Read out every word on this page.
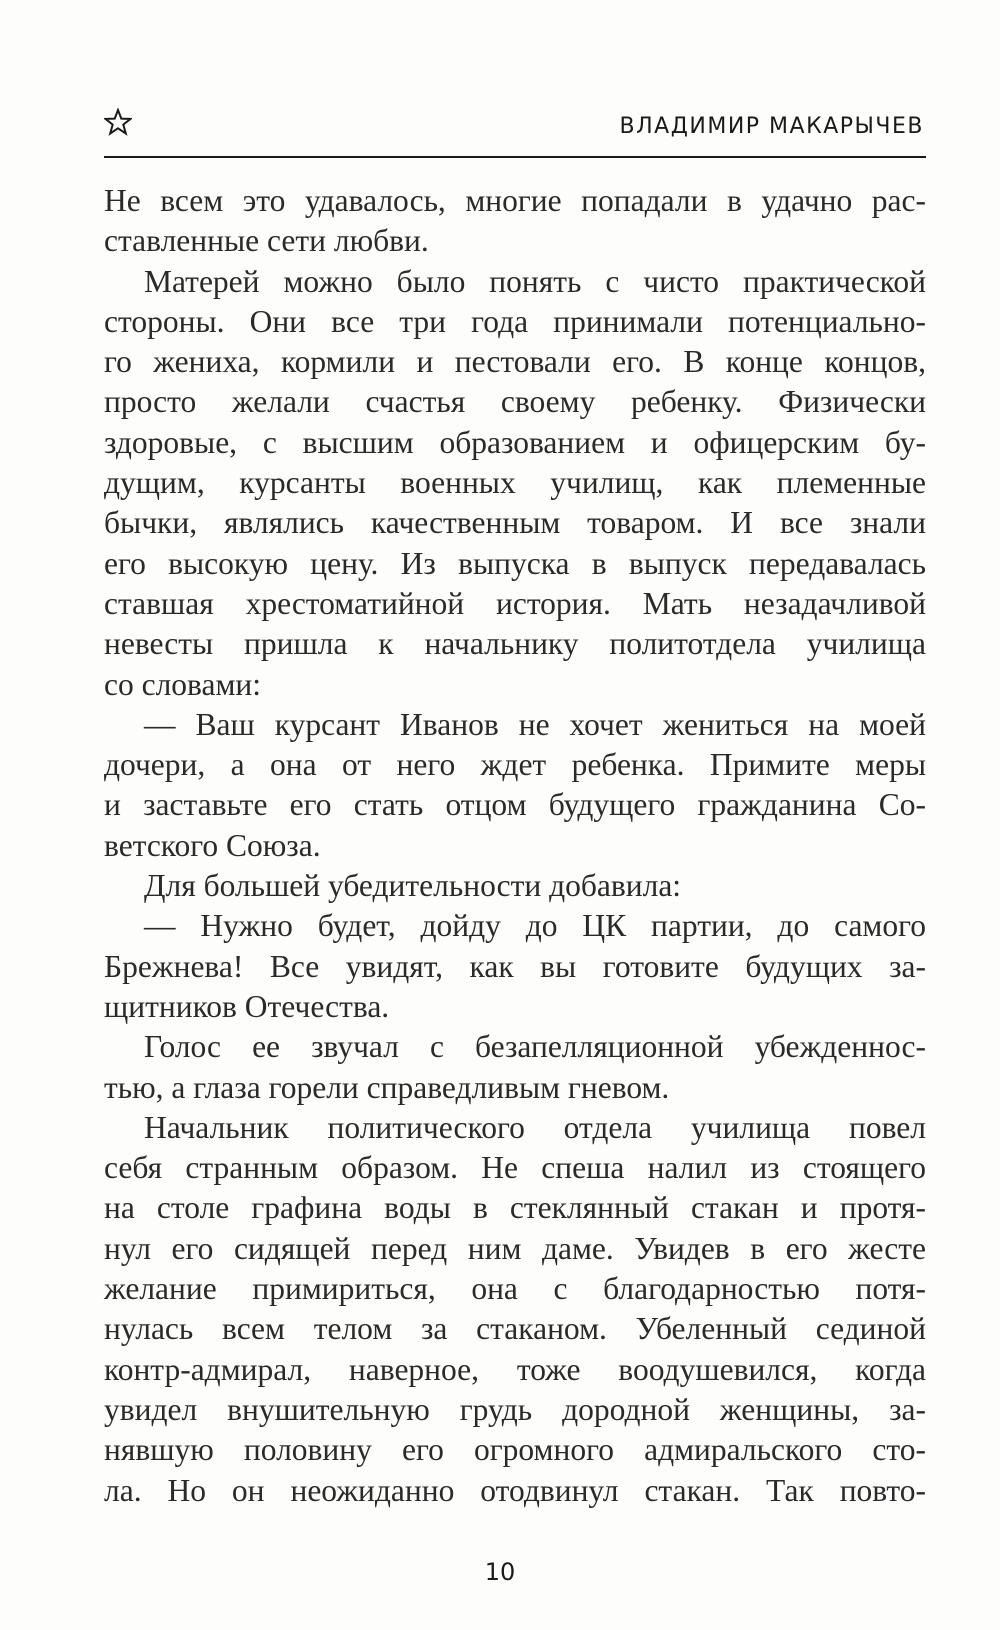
ВЛАДИМИР МАКАРЫЧЕВ
Не всем это удавалось, многие попадали в удачно рас-
ставленные сети любви.
Матерей можно было понять с чисто практической
стороны. Они все три года принимали потенциально-
го жениха, кормили и пестовали его. В конце концов,
просто желали счастья своему ребенку. Физически
здоровые, с высшим образованием и офицерским бу-
дущим, курсанты военных училищ, как племенные
бычки, являлись качественным товаром. И все знали
его высокую цену. Из выпуска в выпуск передавалась
ставшая хрестоматийной история. Мать незадачливой
невесты пришла к начальнику политотдела училища
со словами:
— Ваш курсант Иванов не хочет жениться на моей
дочери, а она от него ждет ребенка. Примите меры
и заставьте его стать отцом будущего гражданина Со-
ветского Союза.
Для большей убедительности добавила:
— Нужно будет, дойду до ЦК партии, до самого
Брежнева! Все увидят, как вы готовите будущих за-
щитников Отечества.
Голос ее звучал с безапелляционной убежденнос-
тью, а глаза горели справедливым гневом.
Начальник политического отдела училища повел
себя странным образом. Не спеша налил из стоящего
на столе графина воды в стеклянный стакан и протя-
нул его сидящей перед ним даме. Увидев в его жесте
желание примириться, она с благодарностью потя-
нулась всем телом за стаканом. Убеленный сединой
контр-адмирал, наверное, тоже воодушевился, когда
увидел внушительную грудь дородной женщины, за-
нявшую половину его огромного адмиральского сто-
ла. Но он неожиданно отодвинул стакан. Так повто-
10
